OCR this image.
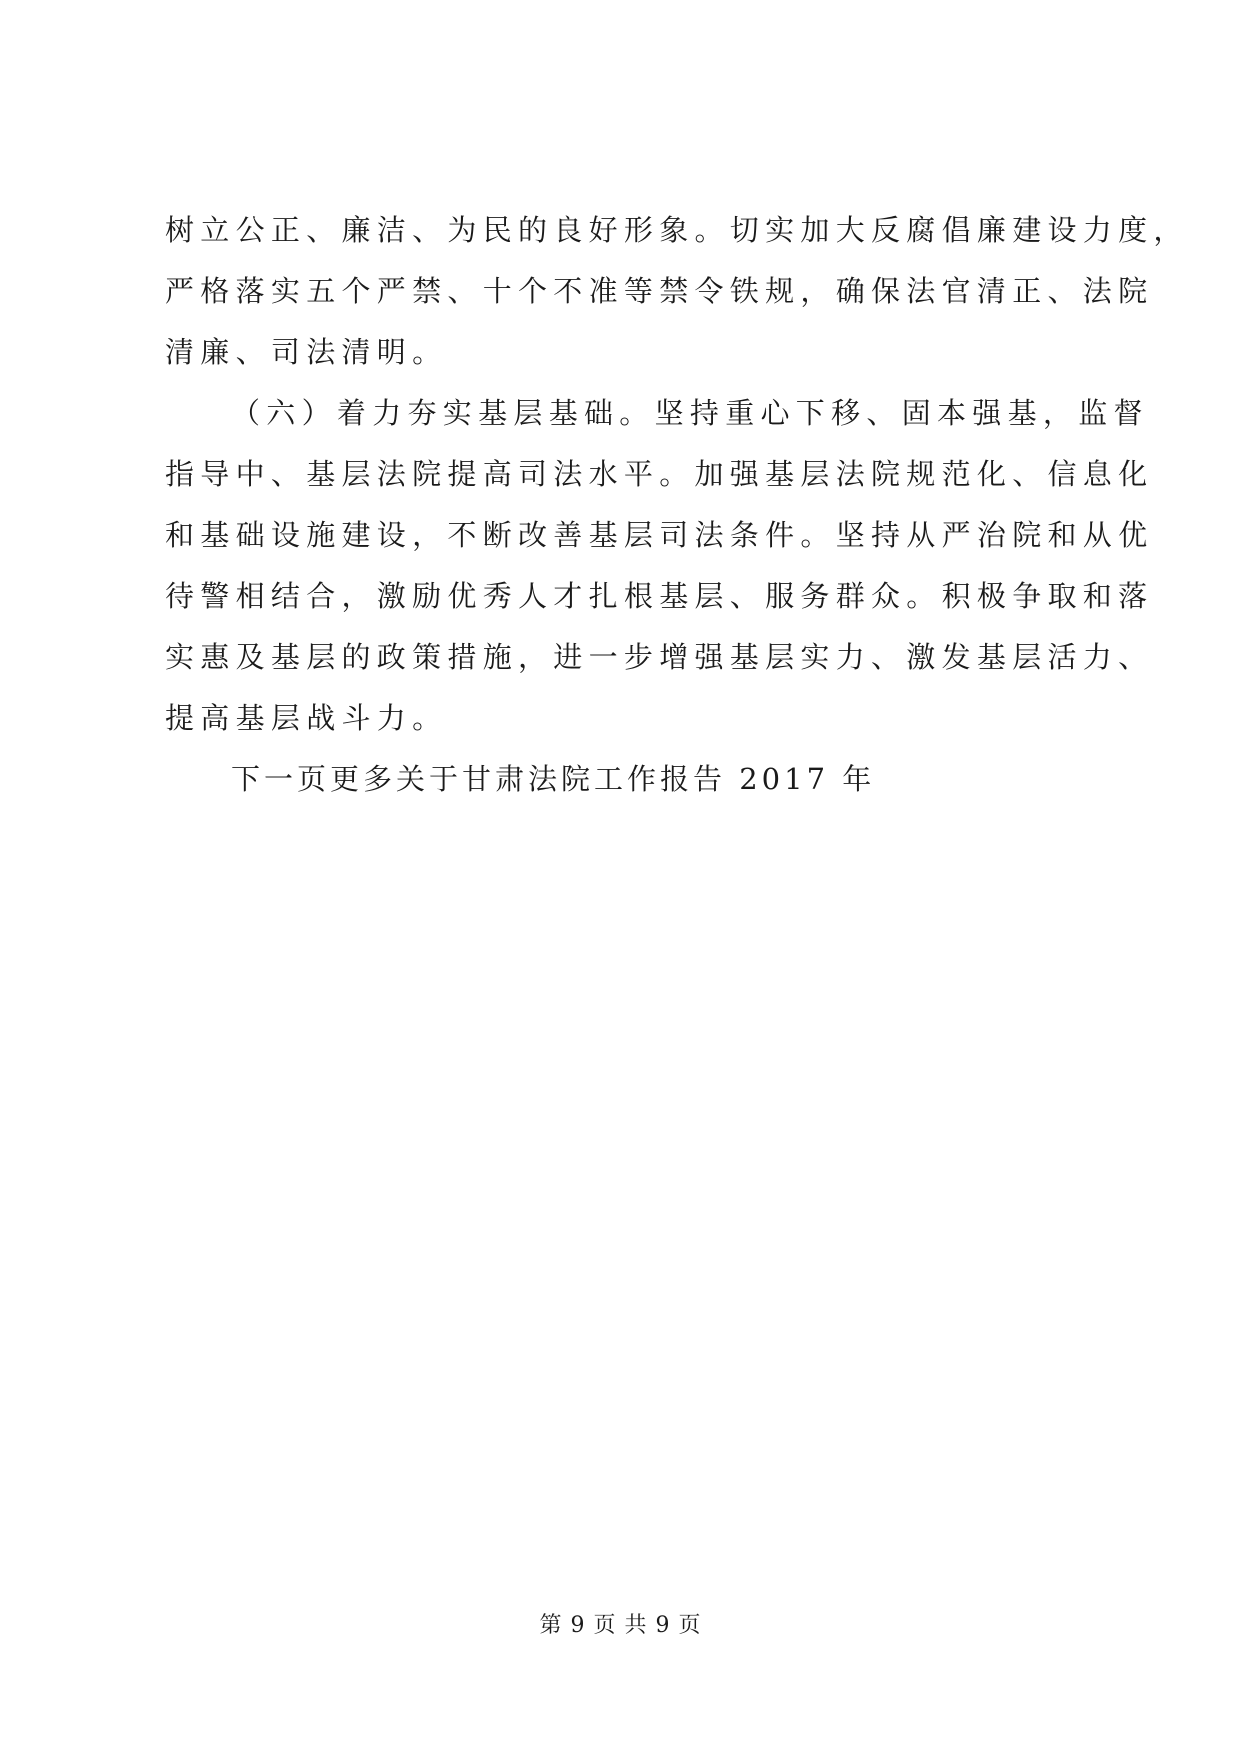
树立公正、廉洁、为民的良好形象。切实加大反腐倡廉建设力度，
严格落实五个严禁、十个不准等禁令铁规，确保法官清正、法院
清廉、司法清明。
（六）着力夯实基层基础。坚持重心下移、固本强基，监督
指导中、基层法院提高司法水平。加强基层法院规范化、信息化
和基础设施建设，不断改善基层司法条件。坚持从严治院和从优
待警相结合，激励优秀人才扎根基层、服务群众。积极争取和落
实惠及基层的政策措施，进一步增强基层实力、激发基层活力、
提高基层战斗力。
下一页更多关于甘肃法院工作报告 2017 年
第 9 页 共 9 页
